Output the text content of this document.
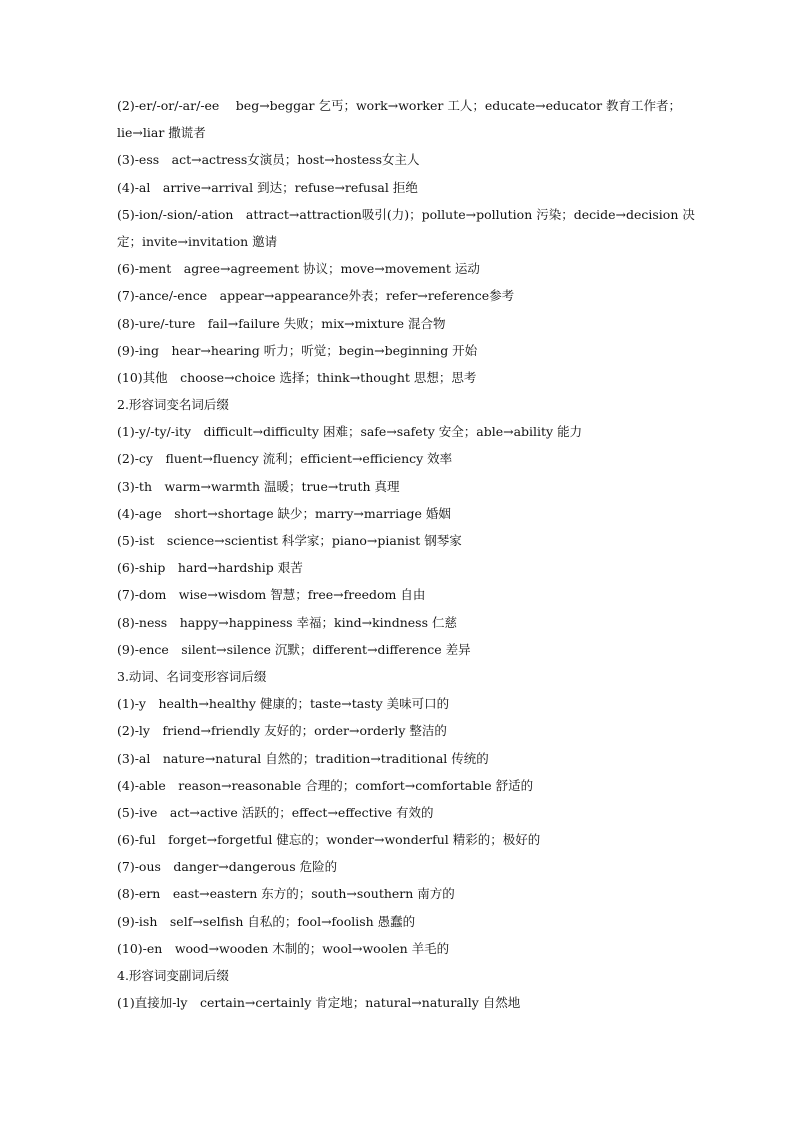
(2)-er/-or/-ar/-ee　 beg→beggar 乞丐；work→worker 工人；educate→educator 教育工作者；
lie→liar 撒谎者
(3)-ess　act→actress女演员；host→hostess女主人
(4)-al　arrive→arrival 到达；refuse→refusal 拒绝
(5)-ion/-sion/-ation　attract→attraction吸引(力)；pollute→pollution 污染；decide→decision 决
定；invite→invitation 邀请
(6)-ment　agree→agreement 协议；move→movement 运动
(7)-ance/-ence　appear→appearance外表；refer→reference参考
(8)-ure/-ture　fail→failure 失败；mix→mixture 混合物
(9)-ing　hear→hearing 听力；听觉；begin→beginning 开始
(10)其他　choose→choice 选择；think→thought 思想；思考
2.形容词变名词后缀
(1)-y/-ty/-ity　difficult→difficulty 困难；safe→safety 安全；able→ability 能力
(2)-cy　fluent→fluency 流利；efficient→efficiency 效率
(3)-th　warm→warmth 温暖；true→truth 真理
(4)-age　short→shortage 缺少；marry→marriage 婚姻
(5)-ist　science→scientist 科学家；piano→pianist 钢琴家
(6)-ship　hard→hardship 艰苦
(7)-dom　wise→wisdom 智慧；free→freedom 自由
(8)-ness　happy→happiness 幸福；kind→kindness 仁慈
(9)-ence　silent→silence 沉默；different→difference 差异
3.动词、名词变形容词后缀
(1)-y　health→healthy 健康的；taste→tasty 美味可口的
(2)-ly　friend→friendly 友好的；order→orderly 整洁的
(3)-al　nature→natural 自然的；tradition→traditional 传统的
(4)-able　reason→reasonable 合理的；comfort→comfortable 舒适的
(5)-ive　act→active 活跃的；effect→effective 有效的
(6)-ful　forget→forgetful 健忘的；wonder→wonderful 精彩的；极好的
(7)-ous　danger→dangerous 危险的
(8)-ern　east→eastern 东方的；south→southern 南方的
(9)-ish　self→selfish 自私的；fool→foolish 愚蠢的
(10)-en　wood→wooden 木制的；wool→woolen 羊毛的
4.形容词变副词后缀
(1)直接加-ly　certain→certainly 肯定地；natural→naturally 自然地
